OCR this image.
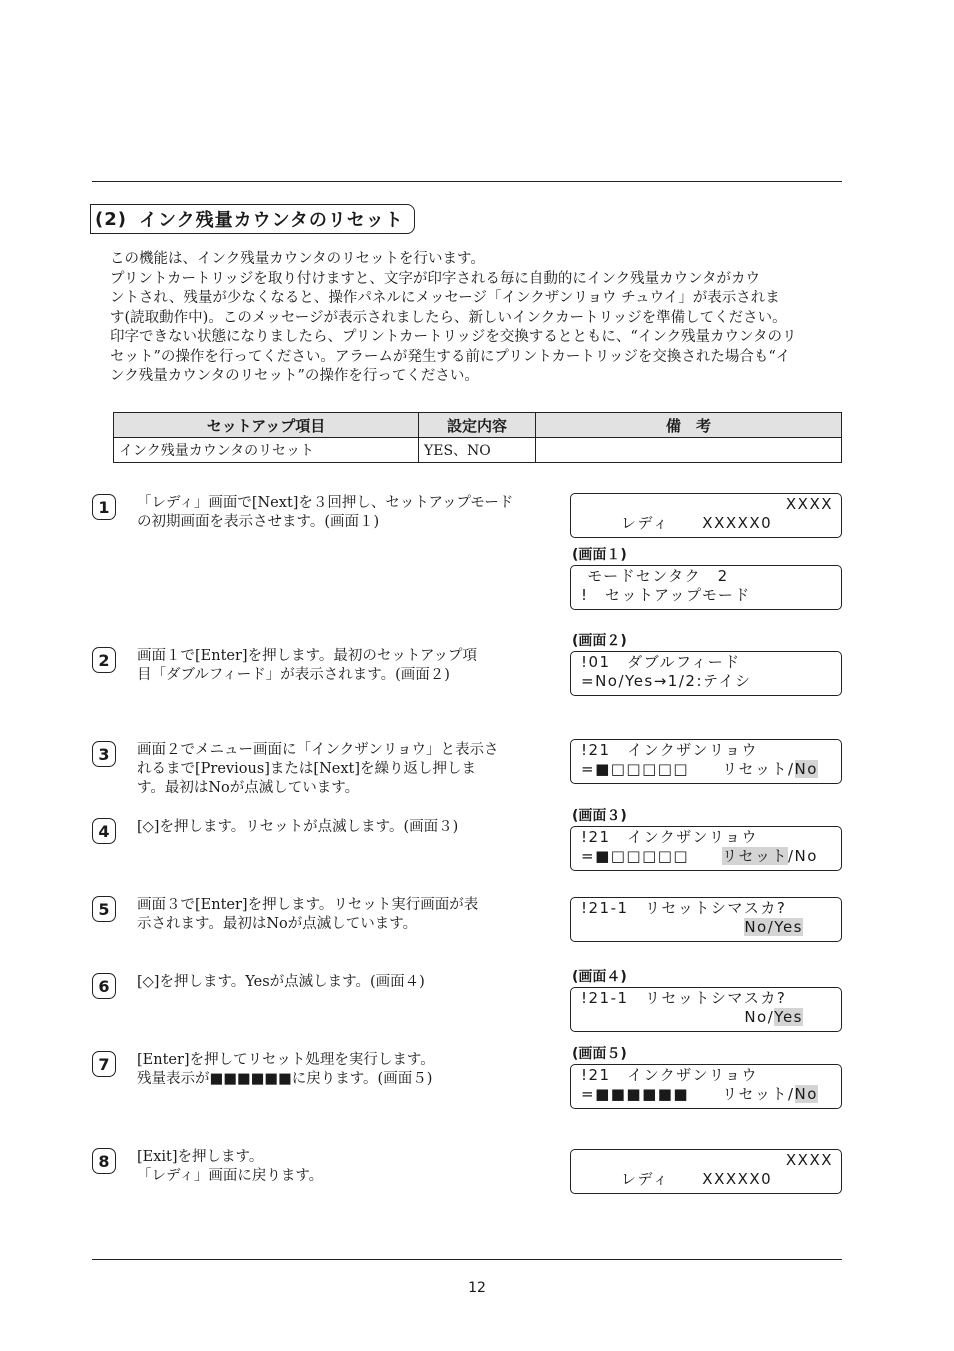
(2) インク残量カウンタのリセット

この機能は、インク残量カウンタのリセットを行います。

プリントカートリッジを取り付けますと、文字が印字される毎に自動的にインク残量カウンタがカウ

ントされ、残量が少なくなると、操作パネルにメッセージ「インクザンリョウ チュウイ」が表示されま

す(読取動作中)。このメッセージが表示されましたら、新しいインクカートリッジを準備してください。

印字できない状態になりましたら、プリントカートリッジを交換するとともに、“インク残量カウンタのリ

セット”の操作を行ってください。アラームが発生する前にプリントカートリッジを交換された場合も“イ

ンク残量カウンタのリセット”の操作を行ってください。

セットアップ項目	設定内容	備　考
インク残量カウンタのリセット	YES、NO	
1	「レディ」画面で[Next]を３回押し、セットアップモード

の初期画面を表示させます。(画面１)

2	画面１で[Enter]を押します。最初のセットアップ項

目「ダブルフィード」が表示されます。(画面２)

3	画面２でメニュー画面に「インクザンリョウ」と表示さ

れるまで[Previous]または[Next]を繰り返し押しま

す。最初はNoが点滅しています。

4	[◇]を押します。リセットが点滅します。(画面３)

5	画面３で[Enter]を押します。リセット実行画面が表

示されます。最初はNoが点滅しています。

6	[◇]を押します。Yesが点滅します。(画面４)

7	[Enter]を押してリセット処理を実行します。

残量表示が■■■■■■に戻ります。(画面５)

8	[Exit]を押します。

「レディ」画面に戻ります。

XXXX
レディ　　XXXXX0
(画面１)
モードセンタク　2
!　セットアップモード
(画面２)
!01　ダブルフィード
=No/Yes→1/2:テイシ
!21　インクザンリョウ
=■□□□□□　　リセット/No
(画面３)
!21　インクザンリョウ
=■□□□□□　　リセット/No
!21-1　リセットシマスカ?
No/Yes
(画面４)
!21-1　リセットシマスカ?
No/Yes
(画面５)
!21　インクザンリョウ
=■■■■■■　　リセット/No
XXXX
レディ　　XXXXX0
12
